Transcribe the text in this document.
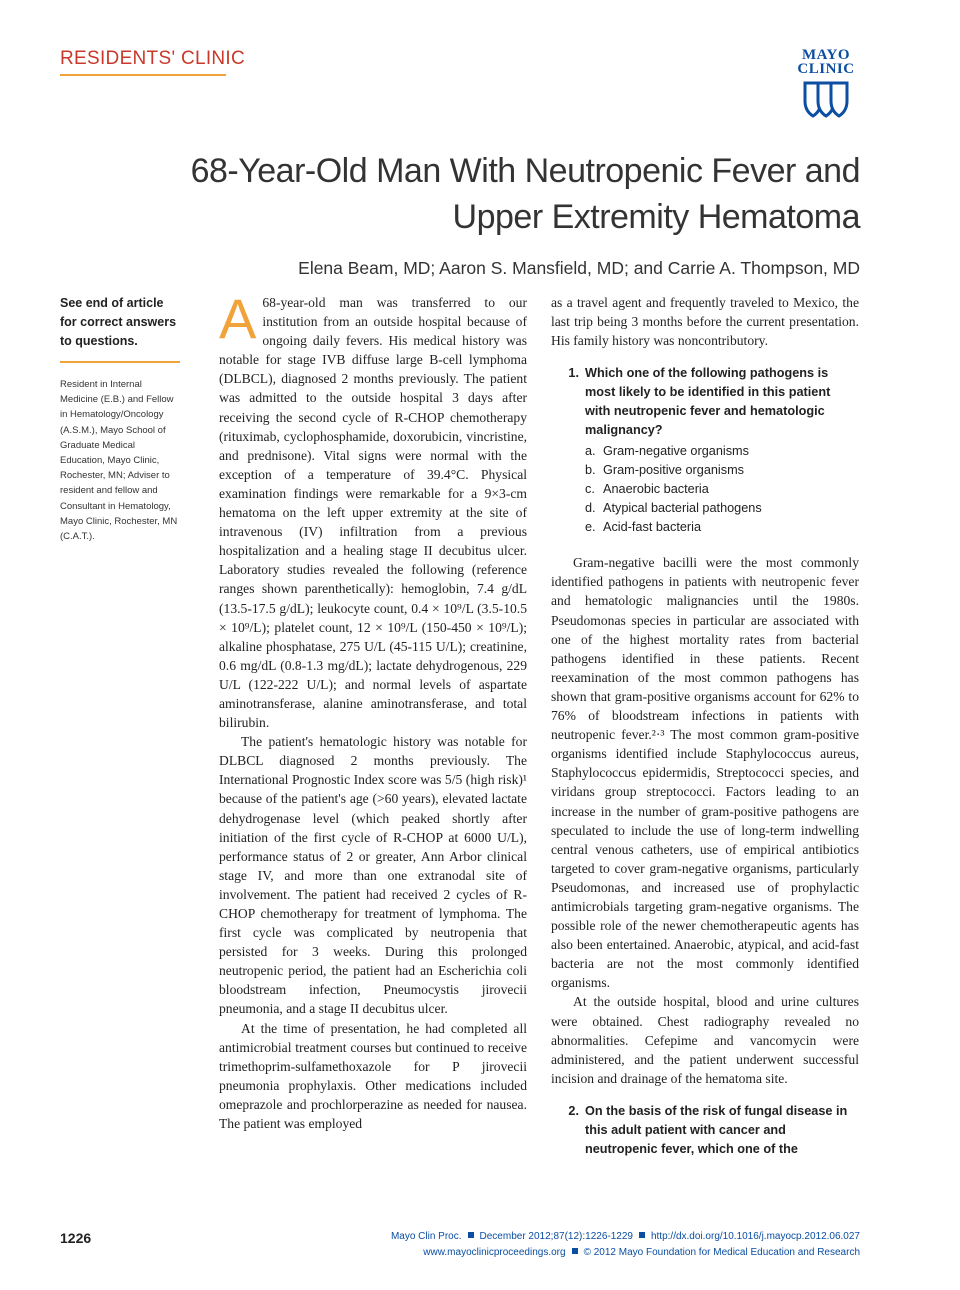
RESIDENTS' CLINIC	MAYO
CLINIC
68-Year-Old Man With Neutropenic Fever and Upper Extremity Hematoma
Elena Beam, MD; Aaron S. Mansfield, MD; and Carrie A. Thompson, MD
See end of article for correct answers to questions.
Resident in Internal Medicine (E.B.) and Fellow in Hematology/Oncology (A.S.M.), Mayo School of Graduate Medical Education, Mayo Clinic, Rochester, MN; Adviser to resident and fellow and Consultant in Hematology, Mayo Clinic, Rochester, MN (C.A.T.).

A 68-year-old man was transferred to our institution from an outside hospital because of ongoing daily fevers. His medical history was notable for stage IVB diffuse large B-cell lymphoma (DLBCL), diagnosed 2 months previously. The patient was admitted to the outside hospital 3 days after receiving the second cycle of R-CHOP chemotherapy (rituximab, cyclophosphamide, doxorubicin, vincristine, and prednisone). Vital signs were normal with the exception of a temperature of 39.4°C. Physical examination findings were remarkable for a 9×3-cm hematoma on the left upper extremity at the site of intravenous (IV) infiltration from a previous hospitalization and a healing stage II decubitus ulcer. Laboratory studies revealed the following (reference ranges shown parenthetically): hemoglobin, 7.4 g/dL (13.5-17.5 g/dL); leukocyte count, 0.4 × 10⁹/L (3.5-10.5 × 10⁹/L); platelet count, 12 × 10⁹/L (150-450 × 10⁹/L); alkaline phosphatase, 275 U/L (45-115 U/L); creatinine, 0.6 mg/dL (0.8-1.3 mg/dL); lactate dehydrogenous, 229 U/L (122-222 U/L); and normal levels of aspartate aminotransferase, alanine aminotransferase, and total bilirubin.

The patient's hematologic history was notable for DLBCL diagnosed 2 months previously. The International Prognostic Index score was 5/5 (high risk)¹ because of the patient's age (>60 years), elevated lactate dehydrogenase level (which peaked shortly after initiation of the first cycle of R-CHOP at 6000 U/L), performance status of 2 or greater, Ann Arbor clinical stage IV, and more than one extranodal site of involvement. The patient had received 2 cycles of R-CHOP chemotherapy for treatment of lymphoma. The first cycle was complicated by neutropenia that persisted for 3 weeks. During this prolonged neutropenic period, the patient had an Escherichia coli bloodstream infection, Pneumocystis jirovecii pneumonia, and a stage II decubitus ulcer.

At the time of presentation, he had completed all antimicrobial treatment courses but continued to receive trimethoprim-sulfamethoxazole for P jirovecii pneumonia prophylaxis. Other medications included omeprazole and prochlorperazine as needed for nausea. The patient was employed

as a travel agent and frequently traveled to Mexico, the last trip being 3 months before the current presentation. His family history was noncontributory.

1. Which one of the following pathogens is most likely to be identified in this patient with neutropenic fever and hematologic malignancy?
a. Gram-negative organisms
b. Gram-positive organisms
c. Anaerobic bacteria
d. Atypical bacterial pathogens
e. Acid-fast bacteria

Gram-negative bacilli were the most commonly identified pathogens in patients with neutropenic fever and hematologic malignancies until the 1980s. Pseudomonas species in particular are associated with one of the highest mortality rates from bacterial pathogens identified in these patients. Recent reexamination of the most common pathogens has shown that gram-positive organisms account for 62% to 76% of bloodstream infections in patients with neutropenic fever.²·³ The most common gram-positive organisms identified include Staphylococcus aureus, Staphylococcus epidermidis, Streptococci species, and viridans group streptococci. Factors leading to an increase in the number of gram-positive pathogens are speculated to include the use of long-term indwelling central venous catheters, use of empirical antibiotics targeted to cover gram-negative organisms, particularly Pseudomonas, and increased use of prophylactic antimicrobials targeting gram-negative organisms. The possible role of the newer chemotherapeutic agents has also been entertained. Anaerobic, atypical, and acid-fast bacteria are not the most commonly identified organisms.

At the outside hospital, blood and urine cultures were obtained. Chest radiography revealed no abnormalities. Cefepime and vancomycin were administered, and the patient underwent successful incision and drainage of the hematoma site.

2. On the basis of the risk of fungal disease in this adult patient with cancer and neutropenic fever, which one of the
1226	Mayo Clin Proc. December 2012;87(12):1226-1229 http://dx.doi.org/10.1016/j.mayocp.2012.06.027
www.mayoclinicproceedings.org © 2012 Mayo Foundation for Medical Education and Research
